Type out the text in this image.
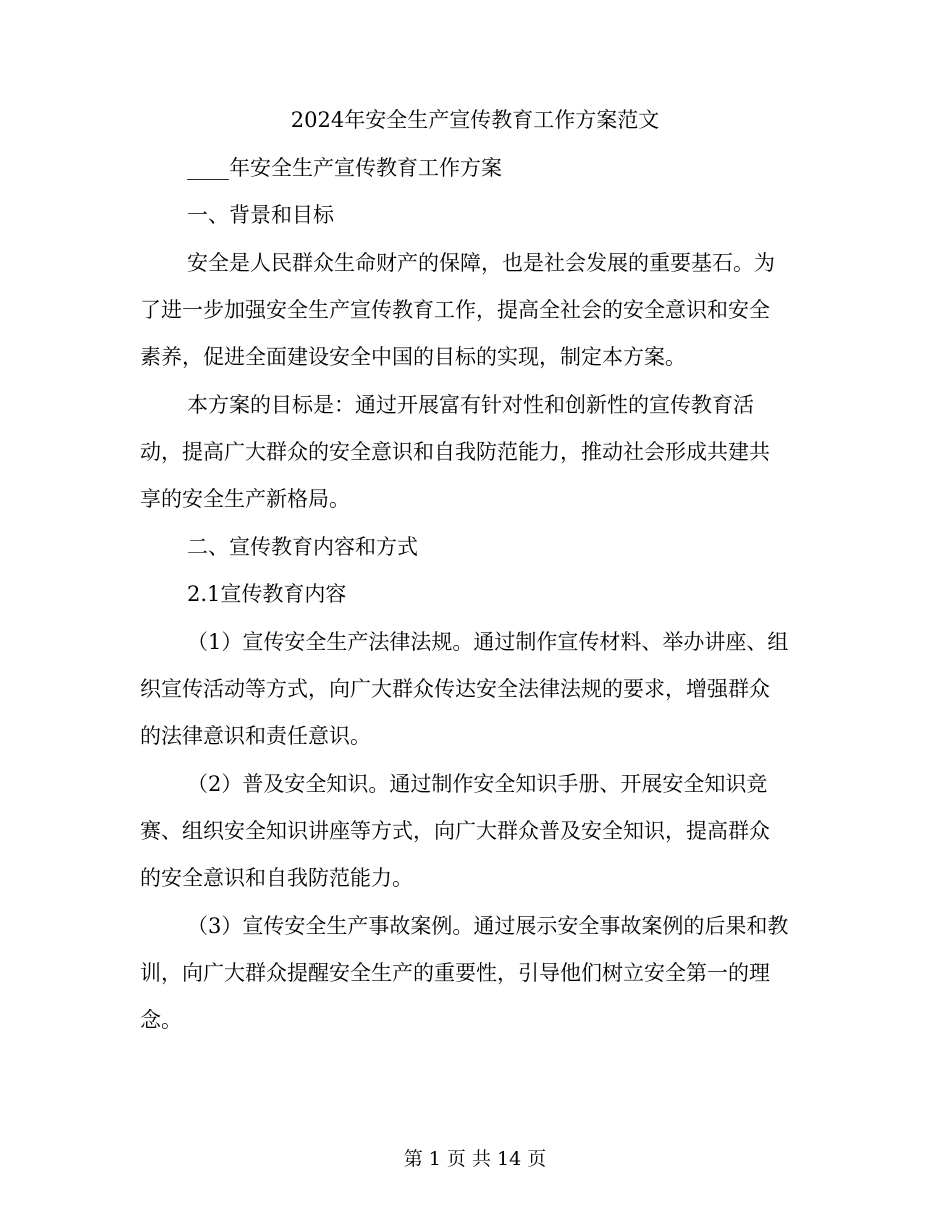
2024年安全生产宣传教育工作方案范文
____年安全生产宣传教育工作方案
一、背景和目标
安全是人民群众生命财产的保障，也是社会发展的重要基石。为
了进一步加强安全生产宣传教育工作，提高全社会的安全意识和安全
素养，促进全面建设安全中国的目标的实现，制定本方案。
本方案的目标是：通过开展富有针对性和创新性的宣传教育活
动，提高广大群众的安全意识和自我防范能力，推动社会形成共建共
享的安全生产新格局。
二、宣传教育内容和方式
2.1宣传教育内容
（1）宣传安全生产法律法规。通过制作宣传材料、举办讲座、组
织宣传活动等方式，向广大群众传达安全法律法规的要求，增强群众
的法律意识和责任意识。
（2）普及安全知识。通过制作安全知识手册、开展安全知识竞
赛、组织安全知识讲座等方式，向广大群众普及安全知识，提高群众
的安全意识和自我防范能力。
（3）宣传安全生产事故案例。通过展示安全事故案例的后果和教
训，向广大群众提醒安全生产的重要性，引导他们树立安全第一的理
念。
第 1 页 共 14 页
